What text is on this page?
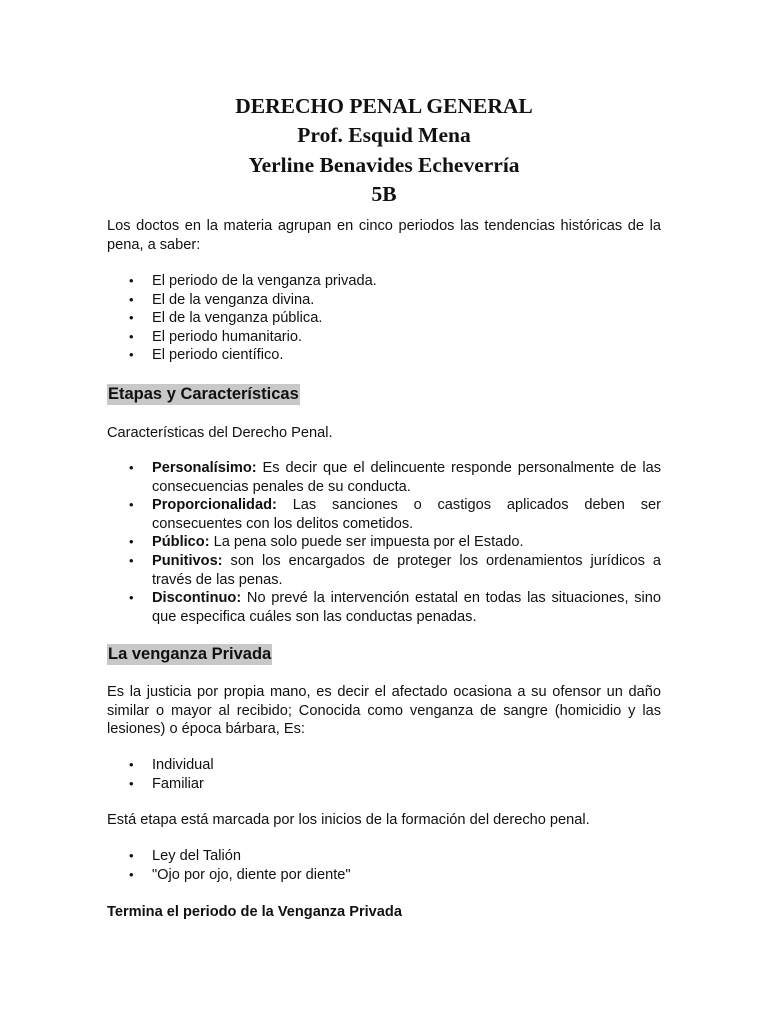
DERECHO PENAL GENERAL
Prof. Esquid Mena
Yerline Benavides Echeverría
5B

Los doctos en la materia agrupan en cinco periodos las tendencias históricas de la pena, a saber:

• El periodo de la venganza privada.
• El de la venganza divina.
• El de la venganza pública.
• El periodo humanitario.
• El periodo científico.
Etapas y Características

Características del Derecho Penal.

• Personalísimo: Es decir que el delincuente responde personalmente de las consecuencias penales de su conducta.
• Proporcionalidad: Las sanciones o castigos aplicados deben ser consecuentes con los delitos cometidos.
• Público: La pena solo puede ser impuesta por el Estado.
• Punitivos: son los encargados de proteger los ordenamientos jurídicos a través de las penas.
• Discontinuo: No prevé la intervención estatal en todas las situaciones, sino que especifica cuáles son las conductas penadas.
La venganza Privada

Es la justicia por propia mano, es decir el afectado ocasiona a su ofensor un daño similar o mayor al recibido; Conocida como venganza de sangre (homicidio y las lesiones) o época bárbara, Es:

• Individual
• Familiar

Está etapa está marcada por los inicios de la formación del derecho penal.

• Ley del Talión
• "Ojo por ojo, diente por diente"

Termina el periodo de la Venganza Privada
